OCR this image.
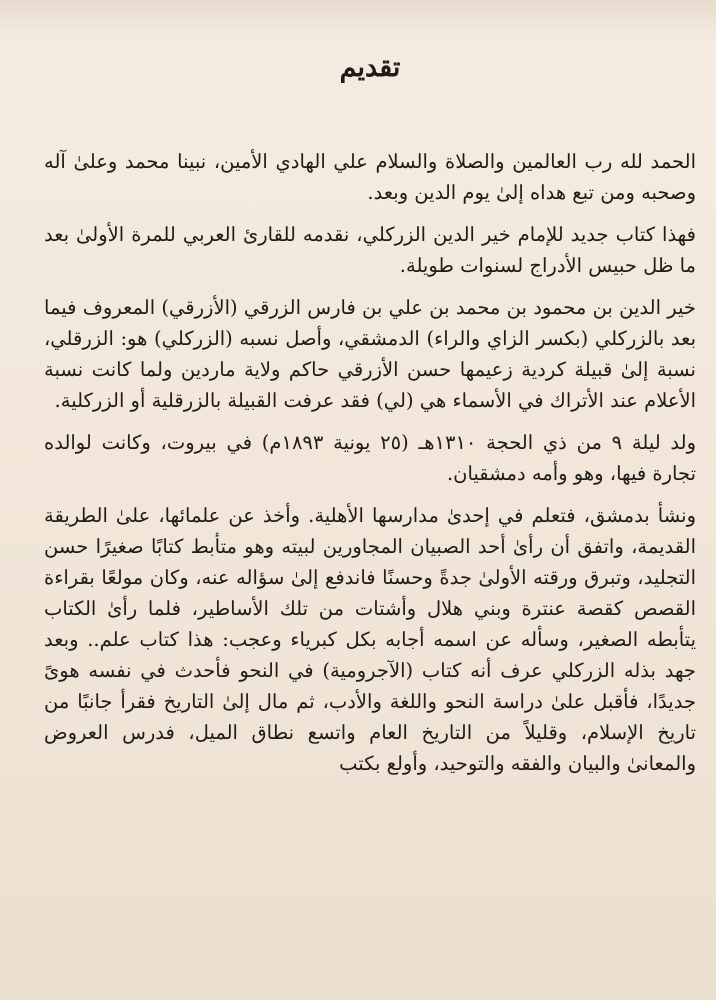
تقديم

الحمد لله رب العالمين والصلاة والسلام علي الهادي الأمين، نبينا محمد وعلىٰ آله وصحبه ومن تبع هداه إلىٰ يوم الدين وبعد.

فهذا كتاب جديد للإمام خير الدين الزركلي، نقدمه للقارئ العربي للمرة الأولىٰ بعد ما ظل حبيس الأدراج لسنوات طويلة.

خير الدين بن محمود بن محمد بن علي بن فارس الزرقي (الأزرقي) المعروف فيما بعد بالزركلي (بكسر الزاي والراء) الدمشقي، وأصل نسبه (الزركلي) هو: الزرقلي، نسبة إلىٰ قبيلة كردية زعيمها حسن الأزرقي حاكم ولاية ماردين ولما كانت نسبة الأعلام عند الأتراك في الأسماء هي (لي) فقد عرفت القبيلة بالزرقلية أو الزركلية.

ولد ليلة ٩ من ذي الحجة ١٣١٠هـ (٢٥ يونية ١٨٩٣م) في بيروت، وكانت لوالده تجارة فيها، وهو وأمه دمشقيان.

ونشأ بدمشق، فتعلم في إحدىٰ مدارسها الأهلية. وأخذ عن علمائها، علىٰ الطريقة القديمة، واتفق أن رأىٰ أحد الصبيان المجاورين لبيته وهو متأبط كتابًا صغيرًا حسن التجليد، وتبرق ورقته الأولىٰ جدةً وحسنًا فاندفع إلىٰ سؤاله عنه، وكان مولعًا بقراءة القصص كقصة عنترة وبني هلال وأشتات من تلك الأساطير، فلما رأىٰ الكتاب يتأبطه الصغير، وسأله عن اسمه أجابه بكل كبرياء وعجب: هذا كتاب علم.. وبعد جهد بذله الزركلي عرف أنه كتاب (الآجرومية) في النحو فأحدث في نفسه هوىً جديدًا، فأقبل علىٰ دراسة النحو واللغة والأدب، ثم مال إلىٰ التاريخ فقرأ جانبًا من تاريخ الإسلام، وقليلاً من التاريخ العام واتسع نطاق الميل، فدرس العروض والمعانىٰ والبيان والفقه والتوحيد، وأولع بكتب
